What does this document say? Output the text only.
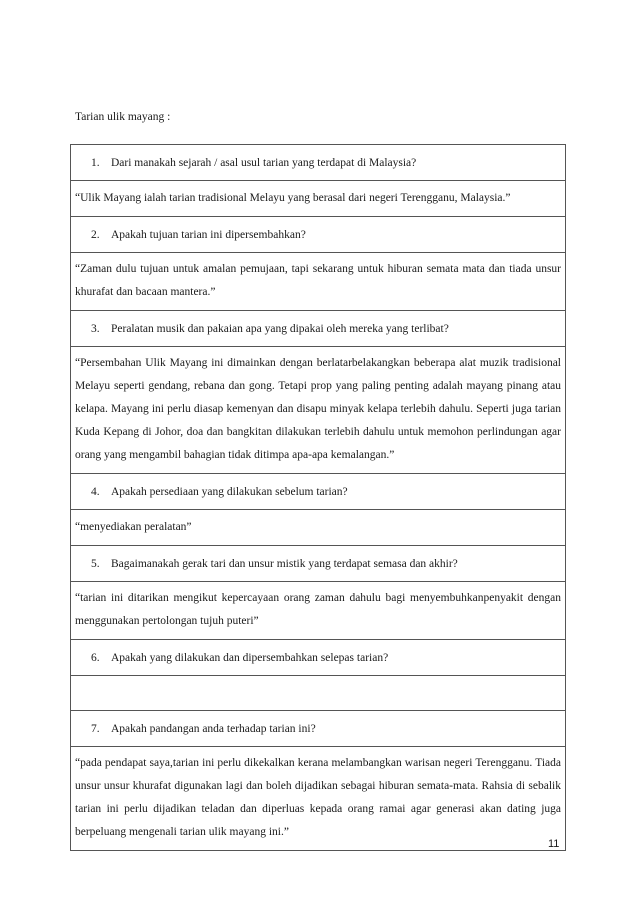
Tarian ulik mayang :
1. Dari manakah sejarah / asal usul tarian yang terdapat di Malaysia?
“Ulik Mayang ialah tarian tradisional Melayu yang berasal dari negeri Terengganu, Malaysia.”
2. Apakah tujuan tarian ini dipersembahkan?
“Zaman dulu tujuan untuk amalan pemujaan, tapi sekarang untuk hiburan semata mata dan tiada unsur khurafat dan bacaan mantera.”
3. Peralatan musik dan pakaian apa yang dipakai oleh mereka yang terlibat?
“Persembahan Ulik Mayang ini dimainkan dengan berlatarbelakangkan beberapa alat muzik tradisional Melayu seperti gendang, rebana dan gong. Tetapi prop yang paling penting adalah mayang pinang atau kelapa. Mayang ini perlu diasap kemenyan dan disapu minyak kelapa terlebih dahulu. Seperti juga tarian Kuda Kepang di Johor, doa dan bangkitan dilakukan terlebih dahulu untuk memohon perlindungan agar orang yang mengambil bahagian tidak ditimpa apa-apa kemalangan.”
4. Apakah persediaan yang dilakukan sebelum tarian?
“menyediakan peralatan”
5. Bagaimanakah gerak tari dan unsur mistik yang terdapat semasa dan akhir?
“tarian ini ditarikan mengikut kepercayaan orang zaman dahulu bagi menyembuhkanpenyakit dengan menggunakan pertolongan tujuh puteri”
6. Apakah yang dilakukan dan dipersembahkan selepas tarian?

7. Apakah pandangan anda terhadap tarian ini?
“pada pendapat saya,tarian ini perlu dikekalkan kerana melambangkan warisan negeri Terengganu. Tiada unsur unsur khurafat digunakan lagi dan boleh dijadikan sebagai hiburan semata-mata. Rahsia di sebalik tarian ini perlu dijadikan teladan dan diperluas kepada orang ramai agar generasi akan dating juga berpeluang mengenali tarian ulik mayang ini.”
11
